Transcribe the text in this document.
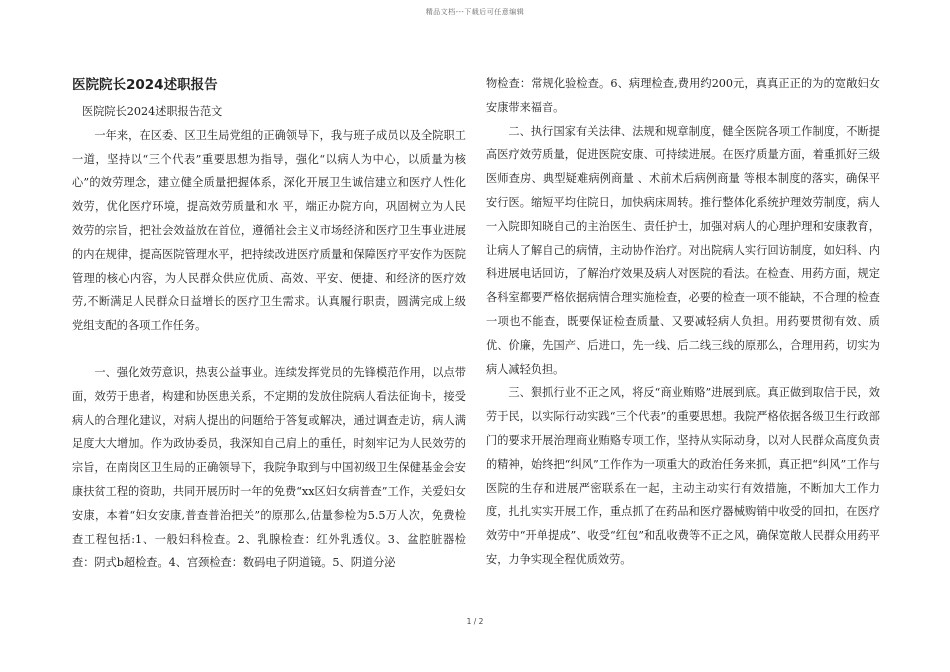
精品文档---下载后可任意编辑
医院院长2024述职报告

医院院长2024述职报告范文

一年来，在区委、区卫生局党组的正确领导下，我与班子成员以及全院职工一道，坚持以“三个代表”重要思想为指导，强化“以病人为中心，以质量为核心”的效劳理念，建立健全质量把握体系，深化开展卫生诚信建立和医疗人性化效劳，优化医疗环境，提高效劳质量和水 平，端正办院方向，巩固树立为人民效劳的宗旨，把社会效益放在首位，遵循社会主义市场经济和医疗卫生事业进展的内在规律，提高医院管理水平，把持续改进医疗质量和保障医疗平安作为医院管理的核心内容，为人民群众供应优质、高效、平安、便捷、和经济的医疗效劳,不断满足人民群众日益增长的医疗卫生需求。认真履行职责，圆满完成上级党组支配的各项工作任务。

一、强化效劳意识，热衷公益事业。连续发挥党员的先锋模范作用，以点带面，效劳于患者，构建和协医患关系，不定期的发放住院病人看法征询卡，接受病人的合理化建议，对病人提出的问题给于答复或解决，通过调查走访，病人满足度大大增加。作为政协委员，我深知自己肩上的重任，时刻牢记为人民效劳的宗旨，在南岗区卫生局的正确领导下，我院争取到与中国初级卫生保健基金会安康扶贫工程的资助，共同开展历时一年的免费“xx区妇女病普查”工作，关爱妇女安康，本着“妇女安康,普查普治把关”的原那么,估量参检为5.5万人次，免费检查工程包括:1、一般妇科检查。2、乳腺检查：红外乳透仪。3、盆腔脏器检查：阴式b超检查。4、宫颈检查：数码电子阴道镜。5、阴道分泌

物检查：常规化验检查。6、病理检查,费用约200元，真真正正的为的宽敞妇女安康带来福音。

二、执行国家有关法律、法规和规章制度，健全医院各项工作制度，不断提高医疗效劳质量，促进医院安康、可持续进展。在医疗质量方面，着重抓好三级医师查房、典型疑难病例商量 、术前术后病例商量 等根本制度的落实，确保平安行医。缩短平均住院日，加快病床周转。推行整体化系统护理效劳制度，病人一入院即知晓自己的主治医生、责任护士，加强对病人的心理护理和安康教育，让病人了解自己的病情，主动协作治疗。对出院病人实行回访制度，如妇科、内科进展电话回访，了解治疗效果及病人对医院的看法。在检查、用药方面，规定各科室都要严格依据病情合理实施检查，必要的检查一项不能缺，不合理的检查一项也不能查，既要保证检查质量、又要减轻病人负担。用药要贯彻有效、质优、价廉，先国产、后进口，先一线、后二线三线的原那么，合理用药，切实为病人减轻负担。

三、狠抓行业不正之风，将反“商业贿赂”进展到底。真正做到取信于民，效劳于民，以实际行动实践“三个代表”的重要思想。我院严格依据各级卫生行政部门的要求开展治理商业贿赂专项工作，坚持从实际动身，以对人民群众高度负责的精神，始终把“纠风”工作作为一项重大的政治任务来抓，真正把“纠风”工作与医院的生存和进展严密联系在一起，主动主动实行有效措施，不断加大工作力度，扎扎实实开展工作，重点抓了在药品和医疗器械购销中收受的回扣，在医疗效劳中“开单提成”、收受“红包”和乱收费等不正之风，确保宽敞人民群众用药平安，力争实现全程优质效劳。

1 / 2
